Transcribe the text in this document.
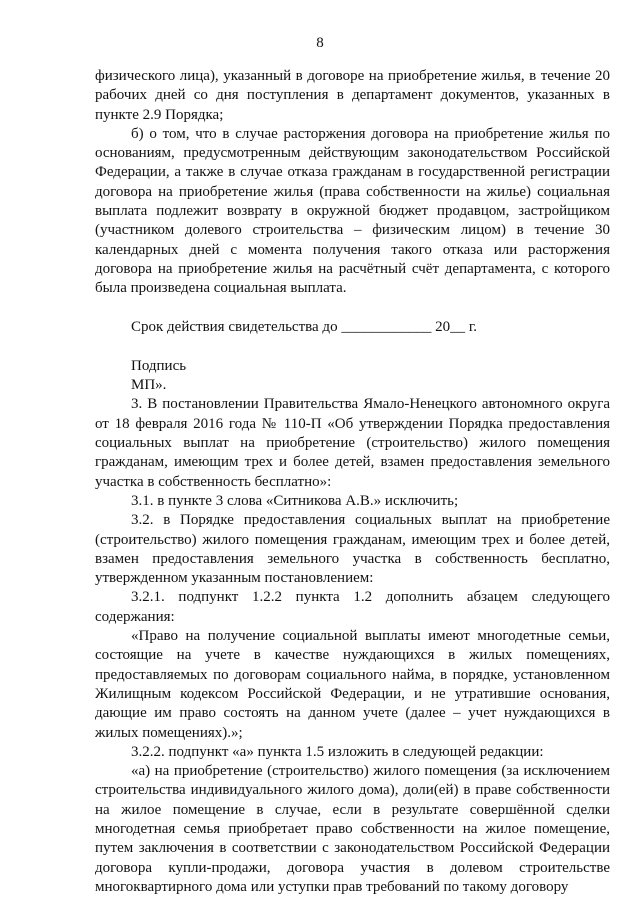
8

физического лица), указанный в договоре на приобретение жилья, в течение 20 рабочих дней со дня поступления в департамент документов, указанных в пункте 2.9 Порядка;

б) о том, что в случае расторжения договора на приобретение жилья по основаниям, предусмотренным действующим законодательством Российской Федерации, а также в случае отказа гражданам в государственной регистрации договора на приобретение жилья (права собственности на жилье) социальная выплата подлежит возврату в окружной бюджет продавцом, застройщиком (участником долевого строительства – физическим лицом) в течение 30 календарных дней с момента получения такого отказа или расторжения договора на приобретение жилья на расчётный счёт департамента, с которого была произведена социальная выплата.

Срок действия свидетельства до ____________ 20__ г.

Подпись

МП».

3. В постановлении Правительства Ямало-Ненецкого автономного округа от 18 февраля 2016 года № 110-П «Об утверждении Порядка предоставления социальных выплат на приобретение (строительство) жилого помещения гражданам, имеющим трех и более детей, взамен предоставления земельного участка в собственность бесплатно»:

3.1. в пункте 3 слова «Ситникова А.В.» исключить;

3.2. в Порядке предоставления социальных выплат на приобретение (строительство) жилого помещения гражданам, имеющим трех и более детей, взамен предоставления земельного участка в собственность бесплатно, утвержденном указанным постановлением:

3.2.1. подпункт 1.2.2 пункта 1.2 дополнить абзацем следующего содержания:

«Право на получение социальной выплаты имеют многодетные семьи, состоящие на учете в качестве нуждающихся в жилых помещениях, предоставляемых по договорам социального найма, в порядке, установленном Жилищным кодексом Российской Федерации, и не утратившие основания, дающие им право состоять на данном учете (далее – учет нуждающихся в жилых помещениях).»;

3.2.2. подпункт «а» пункта 1.5 изложить в следующей редакции:

«а) на приобретение (строительство) жилого помещения (за исключением строительства индивидуального жилого дома), доли(ей) в праве собственности на жилое помещение в случае, если в результате совершённой сделки многодетная семья приобретает право собственности на жилое помещение, путем заключения в соответствии с законодательством Российской Федерации договора купли-продажи, договора участия в долевом строительстве многоквартирного дома или уступки прав требований по такому договору
